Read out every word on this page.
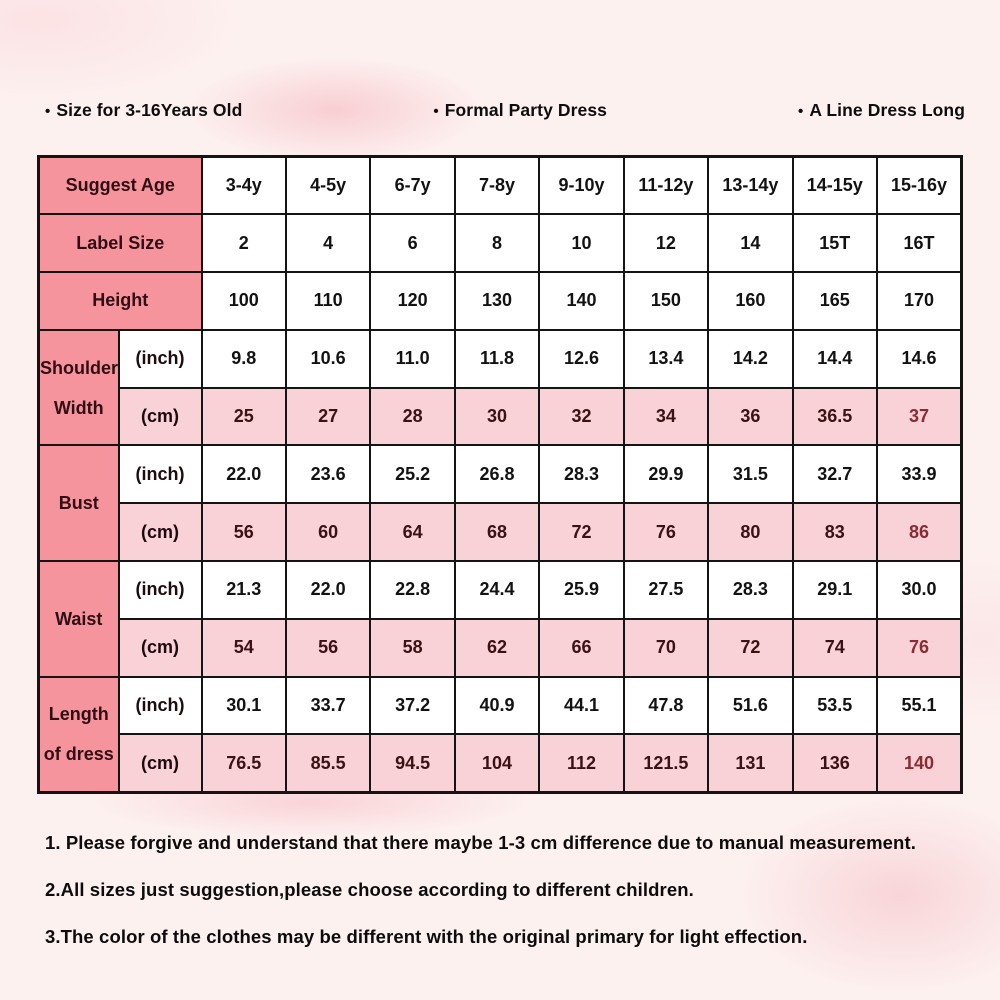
• Size for 3-16Years Old	• Formal Party Dress	• A Line Dress Long
Suggest Age		3-4y	4-5y	6-7y	7-8y	9-10y	11-12y	13-14y	14-15y	15-16y
Label Size		2	4	6	8	10	12	14	15T	16T
Height		100	110	120	130	140	150	160	165	170

Shoulder
Width	(inch)	9.8	10.6	11.0	11.8	12.6	13.4	14.2	14.4	14.6
	(cm)	25	27	28	30	32	34	36	36.5	37

Bust	(inch)	22.0	23.6	25.2	26.8	28.3	29.9	31.5	32.7	33.9
	(cm)	56	60	64	68	72	76	80	83	86

Waist	(inch)	21.3	22.0	22.8	24.4	25.9	27.5	28.3	29.1	30.0
	(cm)	54	56	58	62	66	70	72	74	76

Length
of dress	(inch)	30.1	33.7	37.2	40.9	44.1	47.8	51.6	53.5	55.1
	(cm)	76.5	85.5	94.5	104	112	121.5	131	136	140

1. Please forgive and understand that there maybe 1-3 cm difference due to manual measurement.

2.All sizes just suggestion,please choose according to different children.

3.The color of the clothes may be different with the original primary for light effection.
